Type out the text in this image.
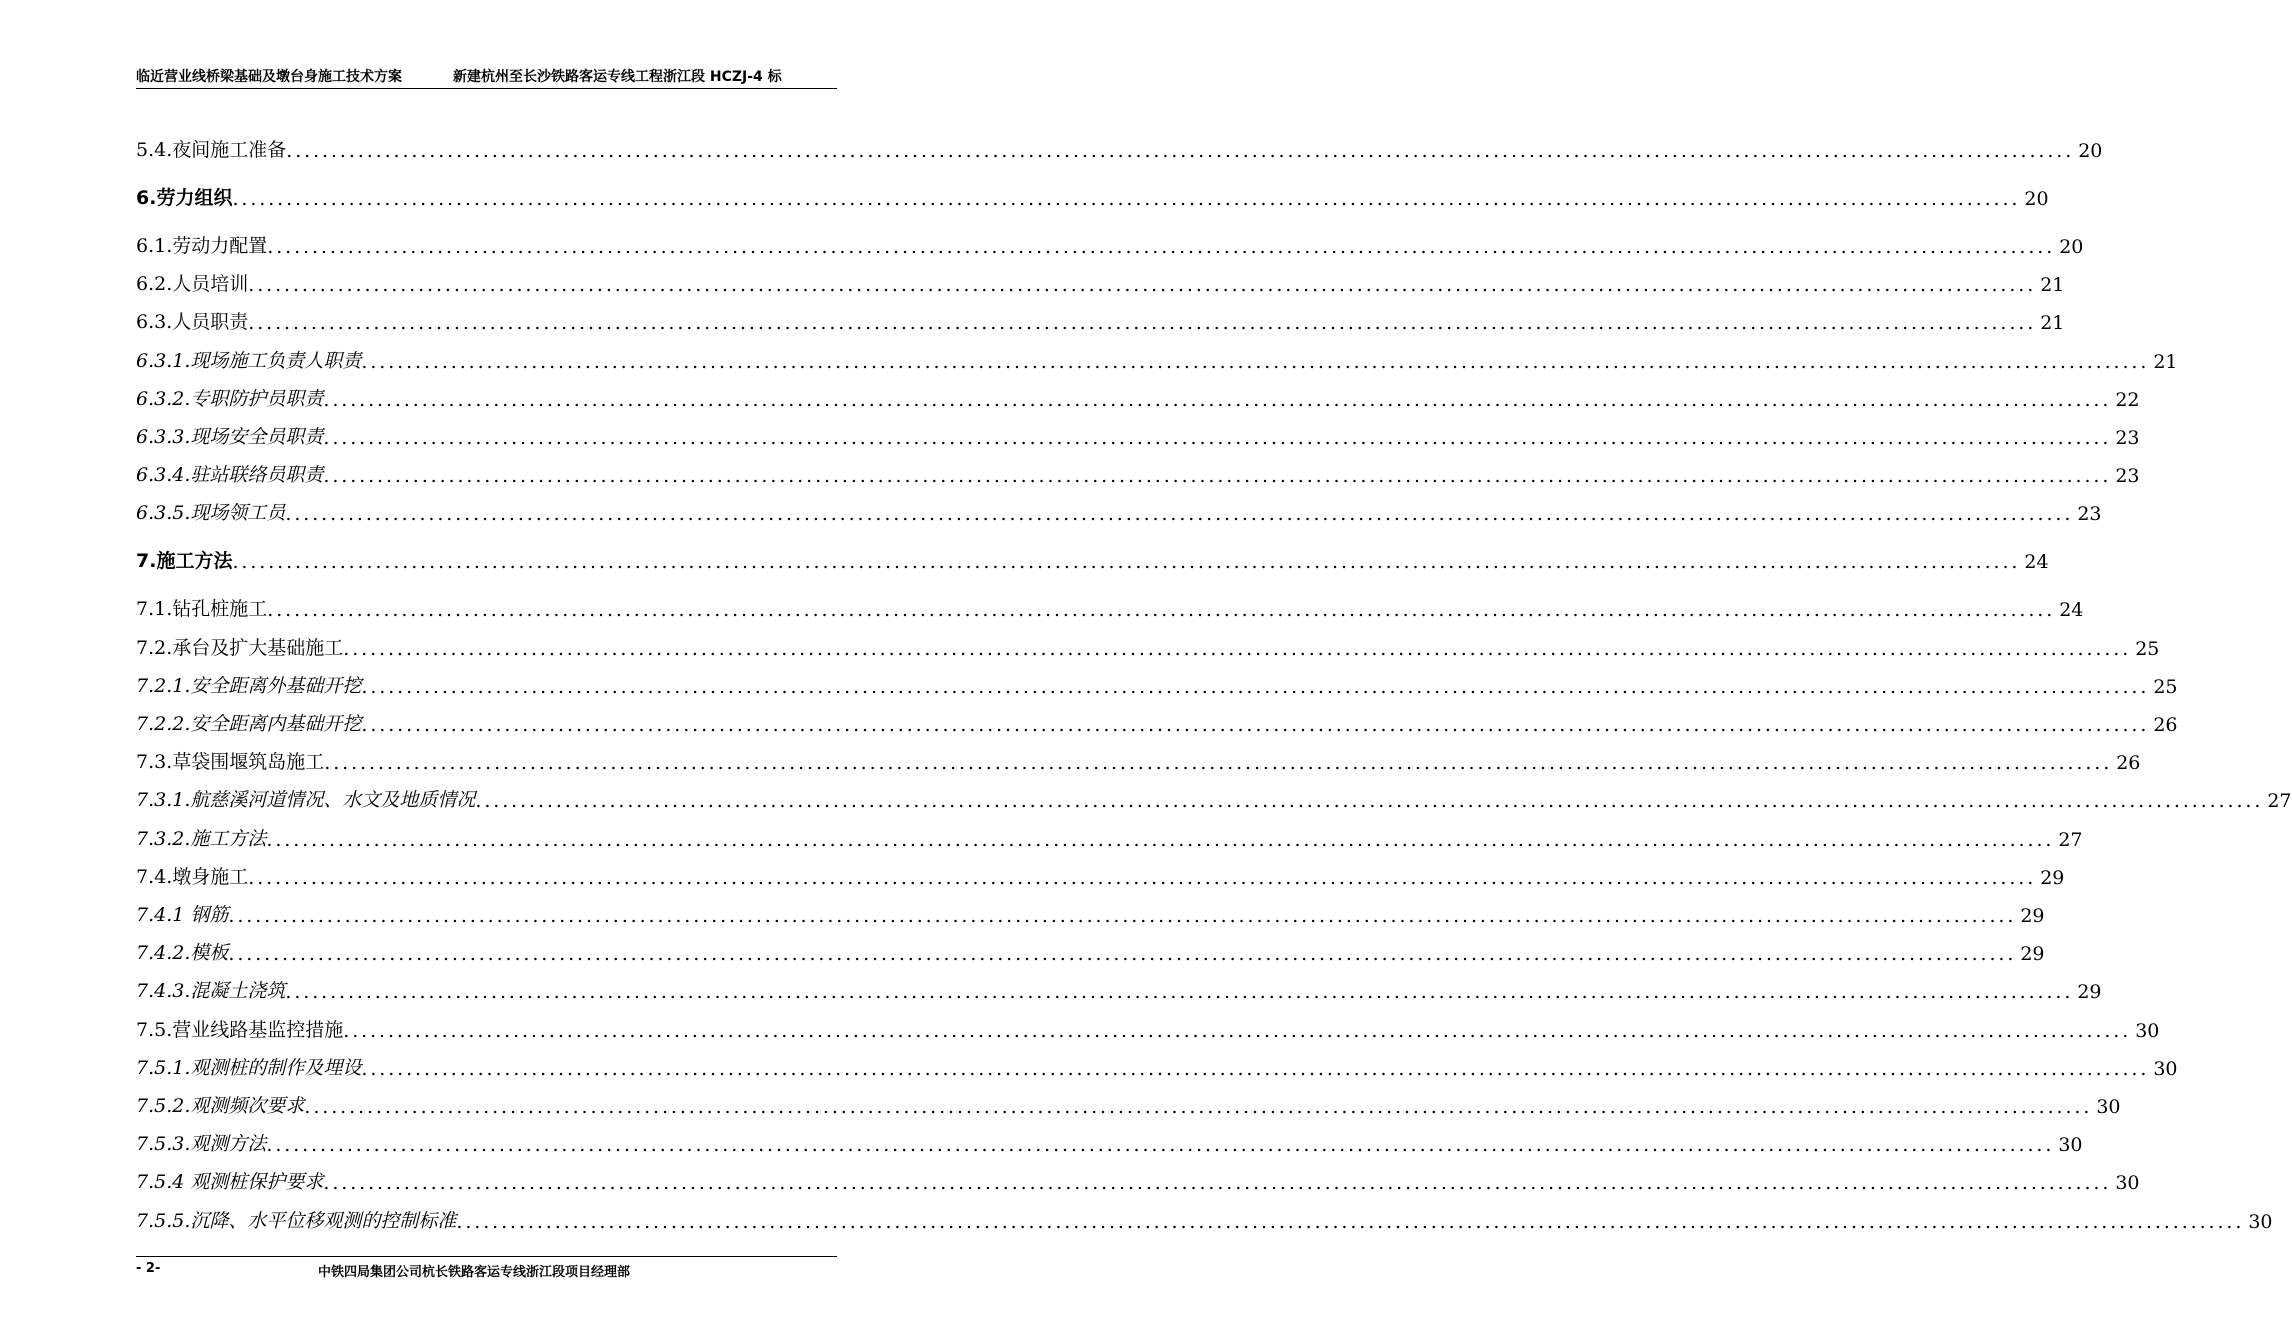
临近营业线桥梁基础及墩台身施工技术方案	新建杭州至长沙铁路客运专线工程浙江段 HCZJ-4 标
5.4.夜间施工准备 ........................................................................................................................................................................................................ 20
6.劳力组织 ........................................................................................................................................................................................................ 20
6.1.劳动力配置 ........................................................................................................................................................................................................ 20
6.2.人员培训 ........................................................................................................................................................................................................ 21
6.3.人员职责 ........................................................................................................................................................................................................ 21
6.3.1.现场施工负责人职责 ........................................................................................................................................................................................................ 21
6.3.2.专职防护员职责 ........................................................................................................................................................................................................ 22
6.3.3.现场安全员职责 ........................................................................................................................................................................................................ 23
6.3.4.驻站联络员职责 ........................................................................................................................................................................................................ 23
6.3.5.现场领工员 ........................................................................................................................................................................................................ 23
7.施工方法 ........................................................................................................................................................................................................ 24
7.1.钻孔桩施工 ........................................................................................................................................................................................................ 24
7.2.承台及扩大基础施工 ........................................................................................................................................................................................................ 25
7.2.1.安全距离外基础开挖 ........................................................................................................................................................................................................ 25
7.2.2.安全距离内基础开挖 ........................................................................................................................................................................................................ 26
7.3.草袋围堰筑岛施工 ........................................................................................................................................................................................................ 26
7.3.1.航慈溪河道情况、水文及地质情况 ........................................................................................................................................................................................................ 27
7.3.2.施工方法 ........................................................................................................................................................................................................ 27
7.4.墩身施工 ........................................................................................................................................................................................................ 29
7.4.1 钢筋 ........................................................................................................................................................................................................ 29
7.4.2.模板 ........................................................................................................................................................................................................ 29
7.4.3.混凝土浇筑 ........................................................................................................................................................................................................ 29
7.5.营业线路基监控措施 ........................................................................................................................................................................................................ 30
7.5.1.观测桩的制作及埋设 ........................................................................................................................................................................................................ 30
7.5.2.观测频次要求 ........................................................................................................................................................................................................ 30
7.5.3.观测方法 ........................................................................................................................................................................................................ 30
7.5.4 观测桩保护要求 ........................................................................................................................................................................................................ 30
7.5.5.沉降、水平位移观测的控制标准 ........................................................................................................................................................................................................ 30
- 2-	中铁四局集团公司杭长铁路客运专线浙江段项目经理部
